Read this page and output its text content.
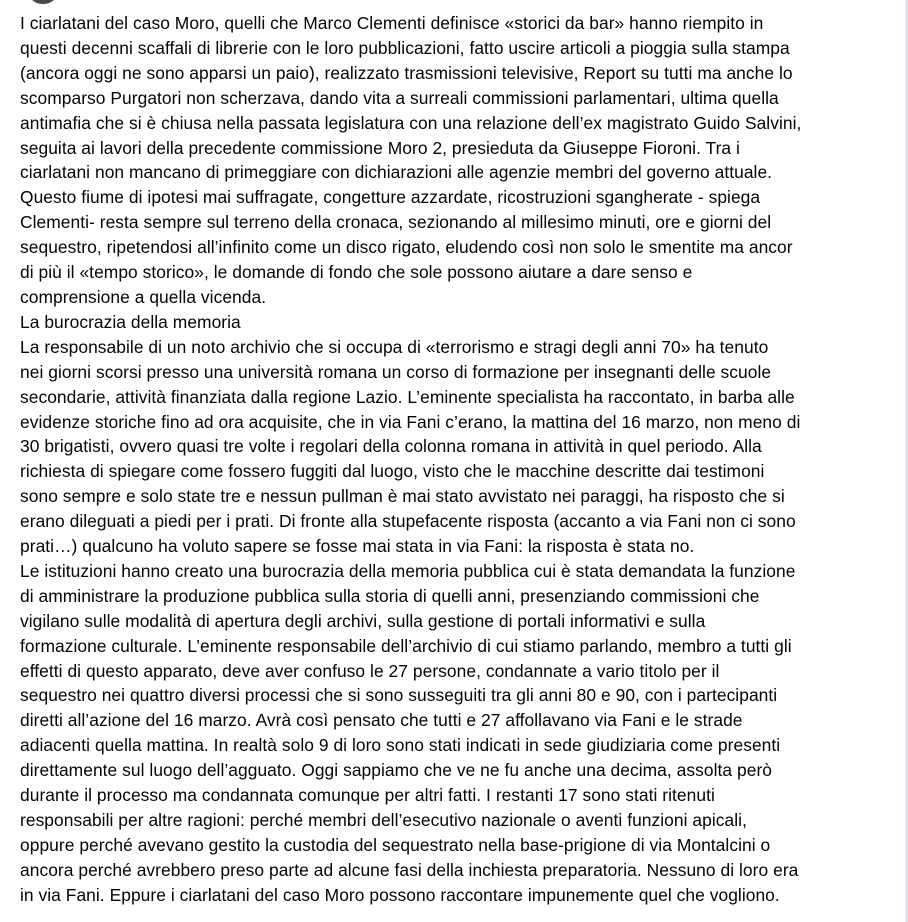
I ciarlatani del caso Moro, quelli che Marco Clementi definisce «storici da bar» hanno riempito in
questi decenni scaffali di librerie con le loro pubblicazioni, fatto uscire articoli a pioggia sulla stampa
(ancora oggi ne sono apparsi un paio), realizzato trasmissioni televisive, Report su tutti ma anche lo
scomparso Purgatori non scherzava, dando vita a surreali commissioni parlamentari, ultima quella
antimafia che si è chiusa nella passata legislatura con una relazione dell’ex magistrato Guido Salvini,
seguita ai lavori della precedente commissione Moro 2, presieduta da Giuseppe Fioroni. Tra i
ciarlatani non mancano di primeggiare con dichiarazioni alle agenzie membri del governo attuale.
Questo fiume di ipotesi mai suffragate, congetture azzardate, ricostruzioni sgangherate - spiega
Clementi- resta sempre sul terreno della cronaca, sezionando al millesimo minuti, ore e giorni del
sequestro, ripetendosi all’infinito come un disco rigato, eludendo così non solo le smentite ma ancor
di più il «tempo storico», le domande di fondo che sole possono aiutare a dare senso e
comprensione a quella vicenda.
La burocrazia della memoria
La responsabile di un noto archivio che si occupa di «terrorismo e stragi degli anni 70» ha tenuto
nei giorni scorsi presso una università romana un corso di formazione per insegnanti delle scuole
secondarie, attività finanziata dalla regione Lazio. L’eminente specialista ha raccontato, in barba alle
evidenze storiche fino ad ora acquisite, che in via Fani c’erano, la mattina del 16 marzo, non meno di
30 brigatisti, ovvero quasi tre volte i regolari della colonna romana in attività in quel periodo. Alla
richiesta di spiegare come fossero fuggiti dal luogo, visto che le macchine descritte dai testimoni
sono sempre e solo state tre e nessun pullman è mai stato avvistato nei paraggi, ha risposto che si
erano dileguati a piedi per i prati. Di fronte alla stupefacente risposta (accanto a via Fani non ci sono
prati…) qualcuno ha voluto sapere se fosse mai stata in via Fani: la risposta è stata no.
Le istituzioni hanno creato una burocrazia della memoria pubblica cui è stata demandata la funzione
di amministrare la produzione pubblica sulla storia di quelli anni, presenziando commissioni che
vigilano sulle modalità di apertura degli archivi, sulla gestione di portali informativi e sulla
formazione culturale. L’eminente responsabile dell’archivio di cui stiamo parlando, membro a tutti gli
effetti di questo apparato, deve aver confuso le 27 persone, condannate a vario titolo per il
sequestro nei quattro diversi processi che si sono susseguiti tra gli anni 80 e 90, con i partecipanti
diretti all’azione del 16 marzo. Avrà così pensato che tutti e 27 affollavano via Fani e le strade
adiacenti quella mattina. In realtà solo 9 di loro sono stati indicati in sede giudiziaria come presenti
direttamente sul luogo dell’agguato. Oggi sappiamo che ve ne fu anche una decima, assolta però
durante il processo ma condannata comunque per altri fatti. I restanti 17 sono stati ritenuti
responsabili per altre ragioni: perché membri dell’esecutivo nazionale o aventi funzioni apicali,
oppure perché avevano gestito la custodia del sequestrato nella base-prigione di via Montalcini o
ancora perché avrebbero preso parte ad alcune fasi della inchiesta preparatoria. Nessuno di loro era
in via Fani. Eppure i ciarlatani del caso Moro possono raccontare impunemente quel che vogliono.
